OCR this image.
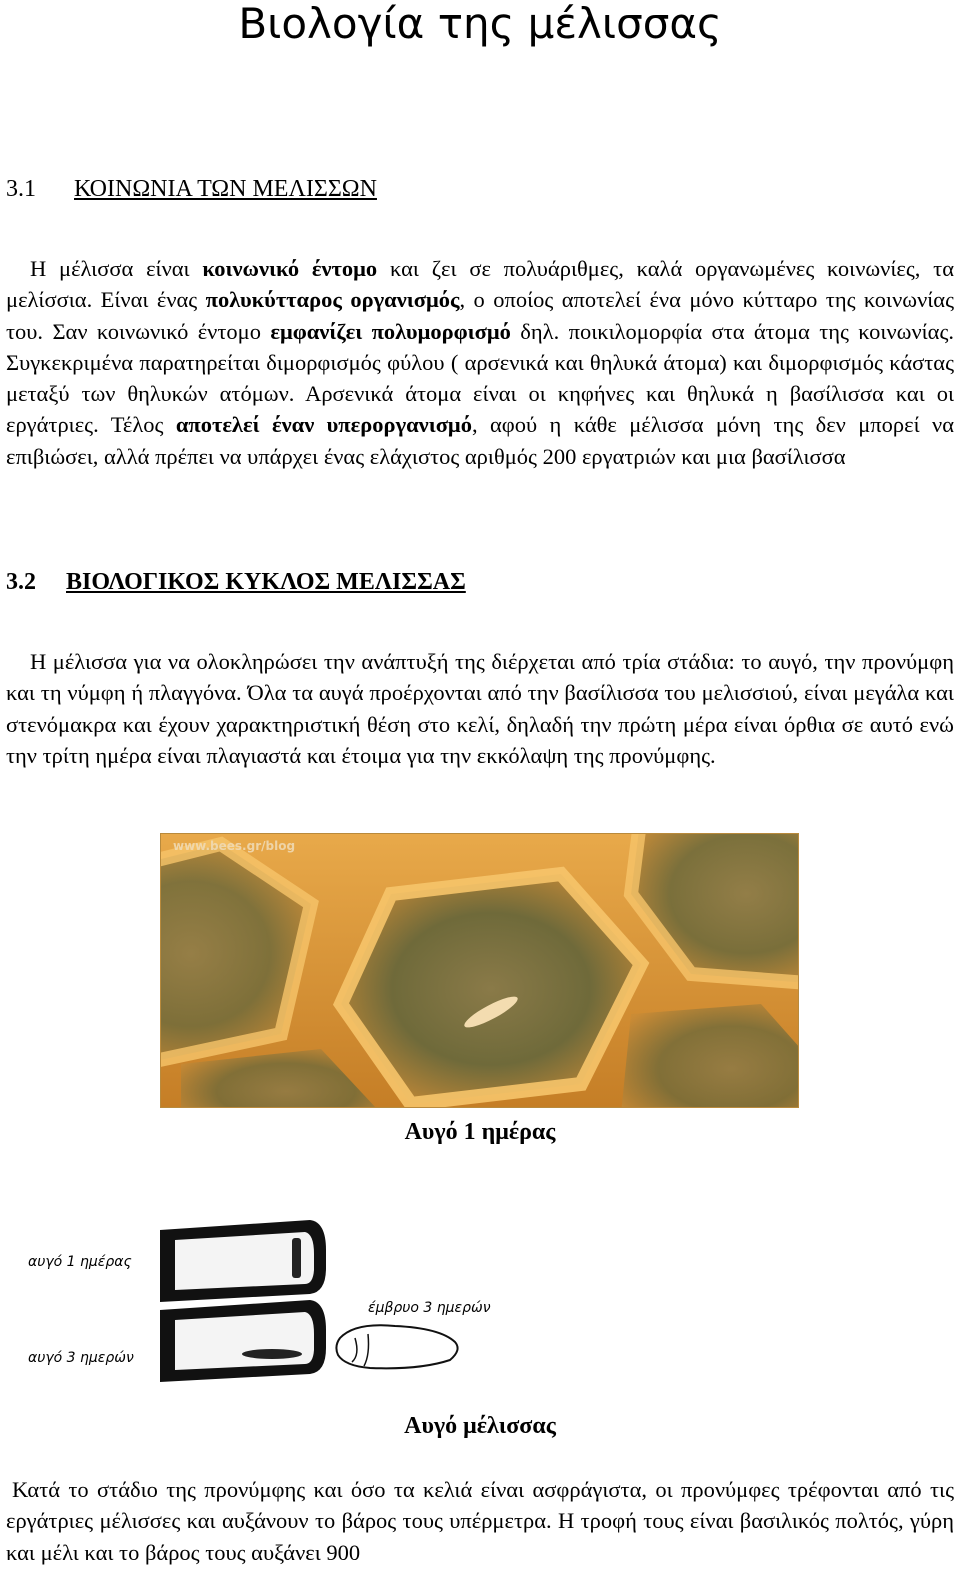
Βιολογία της μέλισσας
3.1 ΚΟΙΝΩΝΙΑ ΤΩΝ ΜΕΛΙΣΣΩΝ

Η μέλισσα είναι κοινωνικό έντομο και ζει σε πολυάριθμες, καλά οργανωμένες κοινωνίες, τα μελίσσια. Είναι ένας πολυκύτταρος οργανισμός, ο οποίος αποτελεί ένα μόνο κύτταρο της κοινωνίας του. Σαν κοινωνικό έντομο εμφανίζει πολυμορφισμό δηλ. ποικιλομορφία στα άτομα της κοινωνίας. Συγκεκριμένα παρατηρείται διμορφισμός φύλου ( αρσενικά και θηλυκά άτομα) και διμορφισμός κάστας μεταξύ των θηλυκών ατόμων. Αρσενικά άτομα είναι οι κηφήνες και θηλυκά η βασίλισσα και οι εργάτριες. Τέλος αποτελεί έναν υπεροργανισμό, αφού η κάθε μέλισσα μόνη της δεν μπορεί να επιβιώσει, αλλά πρέπει να υπάρχει ένας ελάχιστος αριθμός 200 εργατριών και μια βασίλισσα

3.2 ΒΙΟΛΟΓΙΚΟΣ ΚΥΚΛΟΣ ΜΕΛΙΣΣΑΣ

Η μέλισσα για να ολοκληρώσει την ανάπτυξή της διέρχεται από τρία στάδια: το αυγό, την προνύμφη και τη νύμφη ή πλαγγόνα. Όλα τα αυγά προέρχονται από την βασίλισσα του μελισσιού, είναι μεγάλα και στενόμακρα και έχουν χαρακτηριστική θέση στο κελί, δηλαδή την πρώτη μέρα είναι όρθια σε αυτό ενώ την τρίτη ημέρα είναι πλαγιαστά και έτοιμα για την εκκόλαψη της προνύμφης.

www.bees.gr/blog

Αυγό 1 ημέρας

αυγό 1 ημέρας
αυγό 3 ημερών
έμβρυο 3 ημερών

Αυγό μέλισσας

Κατά το στάδιο της προνύμφης και όσο τα κελιά είναι ασφράγιστα, οι προνύμφες τρέφονται από τις εργάτριες μέλισσες και αυξάνουν το βάρος τους υπέρμετρα. Η τροφή τους είναι βασιλικός πολτός, γύρη και μέλι και το βάρος τους αυξάνει 900
